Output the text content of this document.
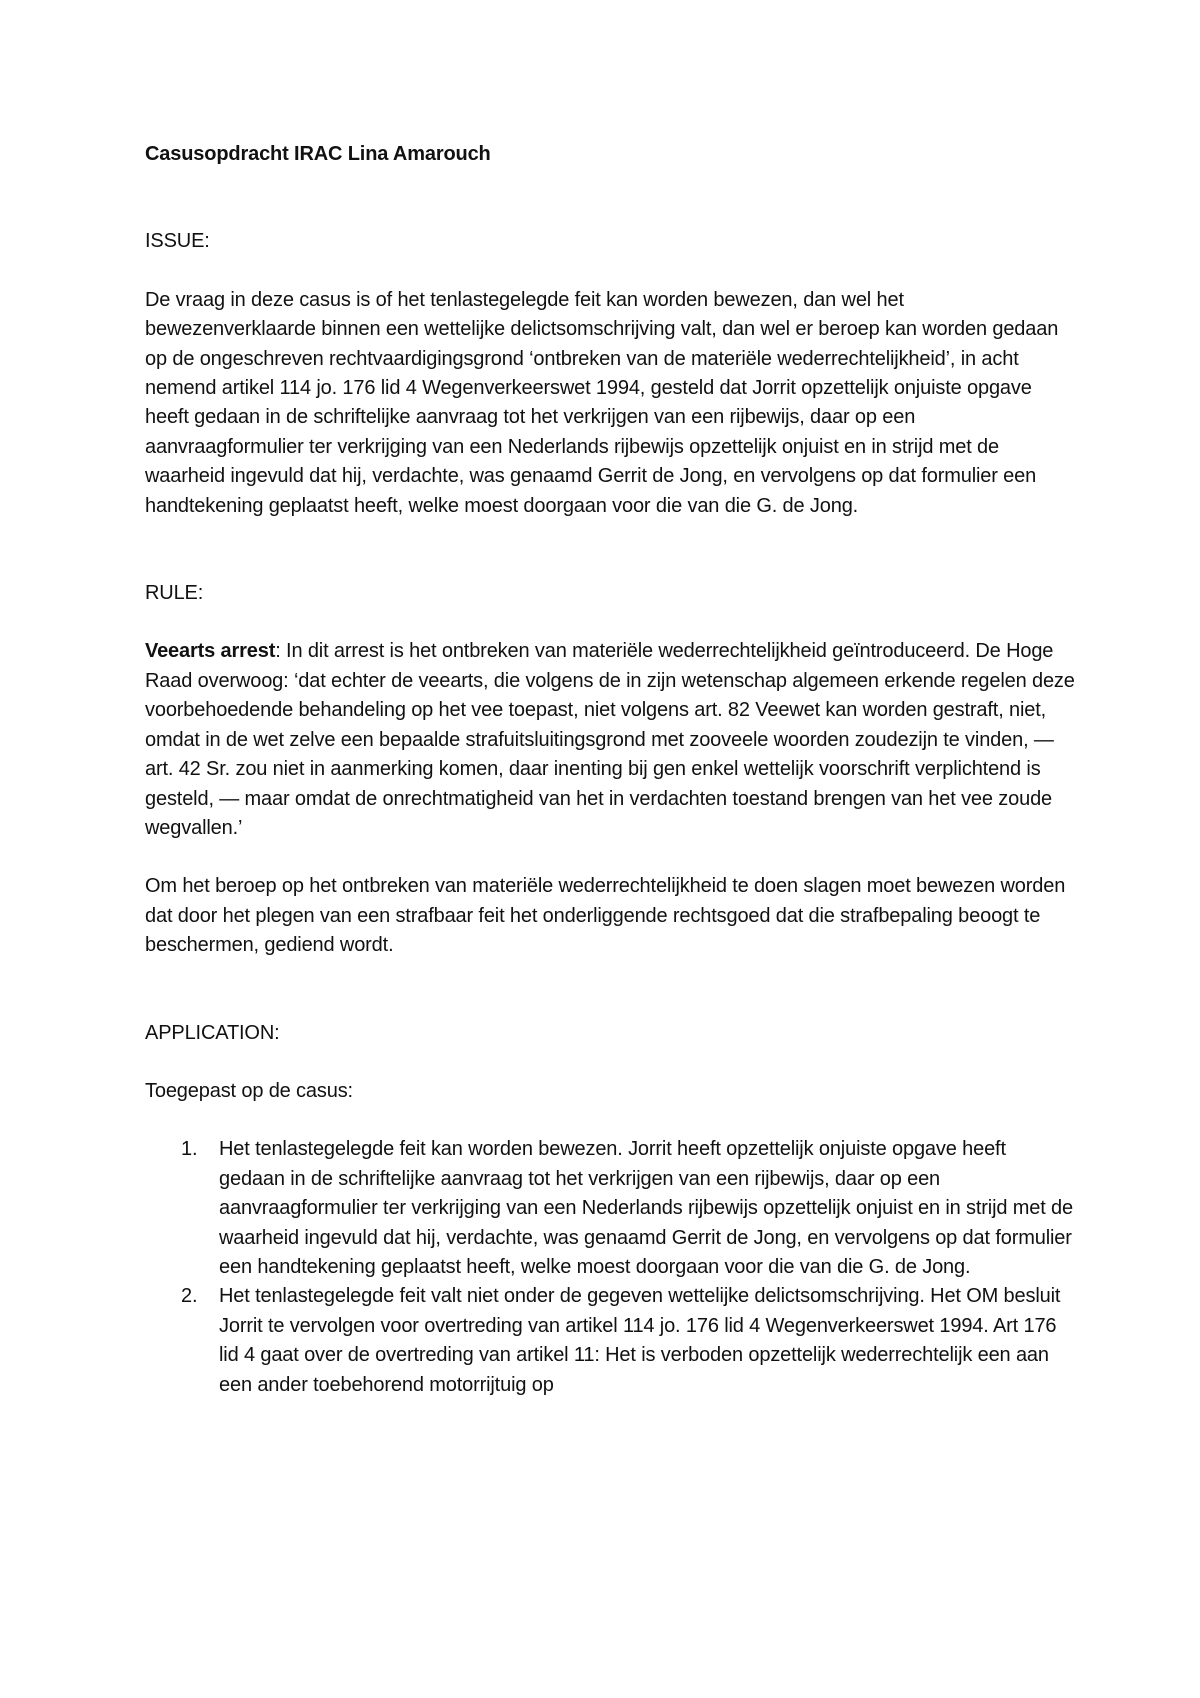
Casusopdracht IRAC Lina Amarouch

ISSUE:

De vraag in deze casus is of het tenlastegelegde feit kan worden bewezen, dan wel het bewezenverklaarde binnen een wettelijke delictsomschrijving valt, dan wel er beroep kan worden gedaan op de ongeschreven rechtvaardigingsgrond ‘ontbreken van de materiële wederrechtelijkheid’, in acht nemend artikel 114 jo. 176 lid 4 Wegenverkeerswet 1994, gesteld dat Jorrit opzettelijk onjuiste opgave heeft gedaan in de schriftelijke aanvraag tot het verkrijgen van een rijbewijs, daar op een aanvraagformulier ter verkrijging van een Nederlands rijbewijs opzettelijk onjuist en in strijd met de waarheid ingevuld dat hij, verdachte, was genaamd Gerrit de Jong, en vervolgens op dat formulier een handtekening geplaatst heeft, welke moest doorgaan voor die van die G. de Jong.

RULE:

Veearts arrest: In dit arrest is het ontbreken van materiële wederrechtelijkheid geïntroduceerd. De Hoge Raad overwoog: ‘dat echter de veearts, die volgens de in zijn wetenschap algemeen erkende regelen deze voorbehoedende behandeling op het vee toepast, niet volgens art. 82 Veewet kan worden gestraft, niet, omdat in de wet zelve een bepaalde strafuitsluitingsgrond met zooveele woorden zoudezijn te vinden, — art. 42 Sr. zou niet in aanmerking komen, daar inenting bij gen enkel wettelijk voorschrift verplichtend is gesteld, — maar omdat de onrechtmatigheid van het in verdachten toestand brengen van het vee zoude wegvallen.’

Om het beroep op het ontbreken van materiële wederrechtelijkheid te doen slagen moet bewezen worden dat door het plegen van een strafbaar feit het onderliggende rechtsgoed dat die strafbepaling beoogt te beschermen, gediend wordt.

APPLICATION:

Toegepast op de casus:

1. Het tenlastegelegde feit kan worden bewezen. Jorrit heeft opzettelijk onjuiste opgave heeft gedaan in de schriftelijke aanvraag tot het verkrijgen van een rijbewijs, daar op een aanvraagformulier ter verkrijging van een Nederlands rijbewijs opzettelijk onjuist en in strijd met de waarheid ingevuld dat hij, verdachte, was genaamd Gerrit de Jong, en vervolgens op dat formulier een handtekening geplaatst heeft, welke moest doorgaan voor die van die G. de Jong.
2. Het tenlastegelegde feit valt niet onder de gegeven wettelijke delictsomschrijving. Het OM besluit Jorrit te vervolgen voor overtreding van artikel 114 jo. 176 lid 4 Wegenverkeerswet 1994. Art 176 lid 4 gaat over de overtreding van artikel 11: Het is verboden opzettelijk wederrechtelijk een aan een ander toebehorend motorrijtuig op
